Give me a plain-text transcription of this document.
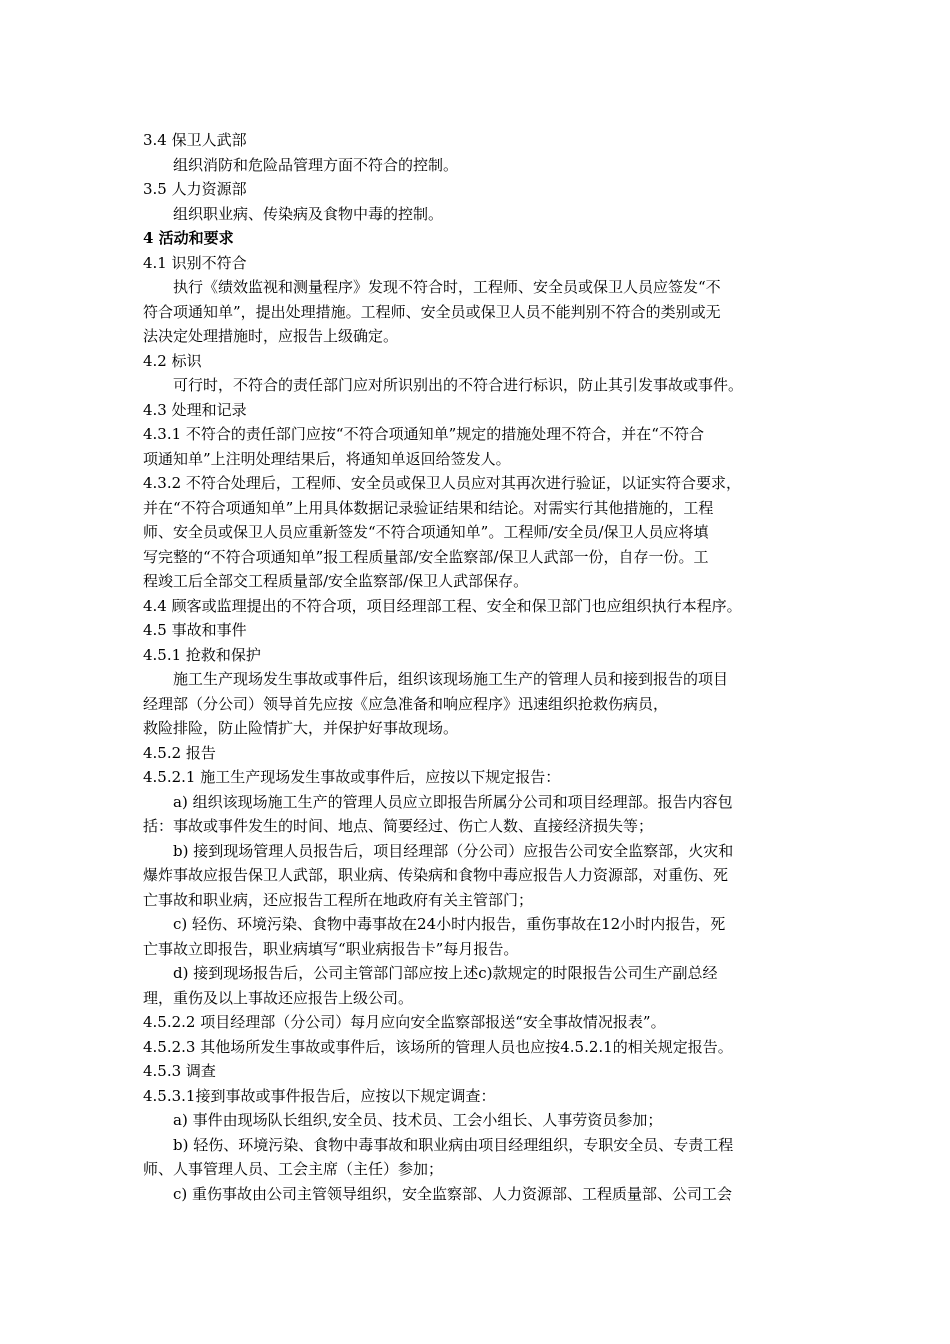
3.4 保卫人武部
组织消防和危险品管理方面不符合的控制。
3.5 人力资源部
组织职业病、传染病及食物中毒的控制。
4 活动和要求
4.1 识别不符合
执行《绩效监视和测量程序》发现不符合时，工程师、安全员或保卫人员应签发“不
符合项通知单”，提出处理措施。工程师、安全员或保卫人员不能判别不符合的类别或无
法决定处理措施时，应报告上级确定。
4.2 标识
可行时，不符合的责任部门应对所识别出的不符合进行标识，防止其引发事故或事件。
4.3 处理和记录
4.3.1 不符合的责任部门应按“不符合项通知单”规定的措施处理不符合，并在“不符合
项通知单”上注明处理结果后，将通知单返回给签发人。
4.3.2 不符合处理后，工程师、安全员或保卫人员应对其再次进行验证，以证实符合要求，
并在“不符合项通知单”上用具体数据记录验证结果和结论。对需实行其他措施的，工程
师、安全员或保卫人员应重新签发“不符合项通知单”。工程师/安全员/保卫人员应将填
写完整的“不符合项通知单”报工程质量部/安全监察部/保卫人武部一份，自存一份。工
程竣工后全部交工程质量部/安全监察部/保卫人武部保存。
4.4 顾客或监理提出的不符合项，项目经理部工程、安全和保卫部门也应组织执行本程序。
4.5 事故和事件
4.5.1 抢救和保护
施工生产现场发生事故或事件后，组织该现场施工生产的管理人员和接到报告的项目
经理部（分公司）领导首先应按《应急准备和响应程序》迅速组织抢救伤病员，
救险排险，防止险情扩大，并保护好事故现场。
4.5.2 报告
4.5.2.1 施工生产现场发生事故或事件后，应按以下规定报告：
a) 组织该现场施工生产的管理人员应立即报告所属分公司和项目经理部。报告内容包
括：事故或事件发生的时间、地点、简要经过、伤亡人数、直接经济损失等；
b) 接到现场管理人员报告后，项目经理部（分公司）应报告公司安全监察部，火灾和
爆炸事故应报告保卫人武部，职业病、传染病和食物中毒应报告人力资源部，对重伤、死
亡事故和职业病，还应报告工程所在地政府有关主管部门；
c) 轻伤、环境污染、食物中毒事故在24小时内报告，重伤事故在12小时内报告，死
亡事故立即报告，职业病填写“职业病报告卡”每月报告。
d) 接到现场报告后，公司主管部门部应按上述c)款规定的时限报告公司生产副总经
理，重伤及以上事故还应报告上级公司。
4.5.2.2 项目经理部（分公司）每月应向安全监察部报送“安全事故情况报表”。
4.5.2.3 其他场所发生事故或事件后，该场所的管理人员也应按4.5.2.1的相关规定报告。
4.5.3 调查
4.5.3.1接到事故或事件报告后，应按以下规定调查：
a) 事件由现场队长组织,安全员、技术员、工会小组长、人事劳资员参加；
b) 轻伤、环境污染、食物中毒事故和职业病由项目经理组织，专职安全员、专责工程
师、人事管理人员、工会主席（主任）参加；
c) 重伤事故由公司主管领导组织，安全监察部、人力资源部、工程质量部、公司工会
